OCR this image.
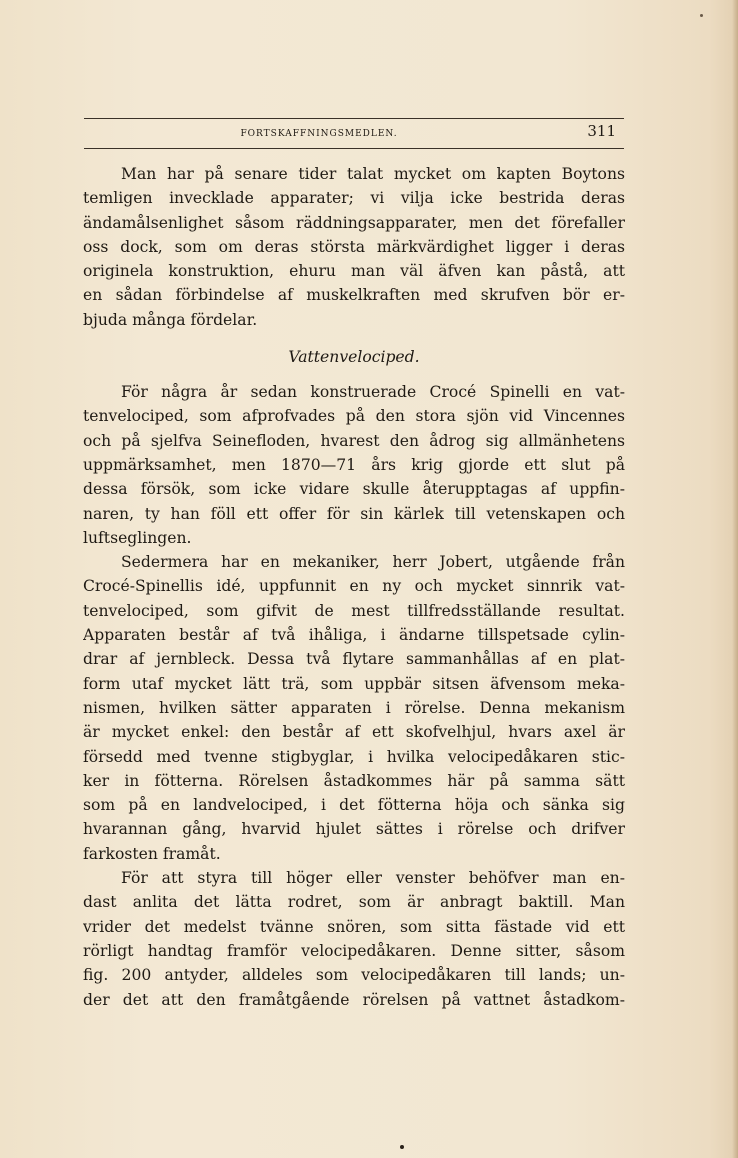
FORTSKAFFNINGSMEDLEN.	311
Man har på senare tider talat mycket om kapten Boytons
temligen invecklade apparater; vi vilja icke bestrida deras
ändamålsenlighet såsom räddningsapparater, men det förefaller
oss dock, som om deras största märkvärdighet ligger i deras
originela konstruktion, ehuru man väl äfven kan påstå, att
en sådan förbindelse af muskelkraften med skrufven bör er-
bjuda många fördelar.
Vattenvelociped.
För några år sedan konstruerade Crocé Spinelli en vat-
tenvelociped, som afprofvades på den stora sjön vid Vincennes
och på sjelfva Seinefloden, hvarest den ådrog sig allmänhetens
uppmärksamhet, men 1870—71 års krig gjorde ett slut på
dessa försök, som icke vidare skulle återupptagas af uppfin-
naren, ty han föll ett offer för sin kärlek till vetenskapen och
luftseglingen.
Sedermera har en mekaniker, herr Jobert, utgående från
Crocé-Spinellis idé, uppfunnit en ny och mycket sinnrik vat-
tenvelociped, som gifvit de mest tillfredsställande resultat.
Apparaten består af två ihåliga, i ändarne tillspetsade cylin-
drar af jernbleck. Dessa två flytare sammanhållas af en plat-
form utaf mycket lätt trä, som uppbär sitsen äfvensom meka-
nismen, hvilken sätter apparaten i rörelse. Denna mekanism
är mycket enkel: den består af ett skofvelhjul, hvars axel är
försedd med tvenne stigbyglar, i hvilka velocipedåkaren stic-
ker in fötterna. Rörelsen åstadkommes här på samma sätt
som på en landvelociped, i det fötterna höja och sänka sig
hvarannan gång, hvarvid hjulet sättes i rörelse och drifver
farkosten framåt.
För att styra till höger eller venster behöfver man en-
dast anlita det lätta rodret, som är anbragt baktill. Man
vrider det medelst tvänne snören, som sitta fästade vid ett
rörligt handtag framför velocipedåkaren. Denne sitter, såsom
fig. 200 antyder, alldeles som velocipedåkaren till lands; un-
der det att den framåtgående rörelsen på vattnet åstadkom-
